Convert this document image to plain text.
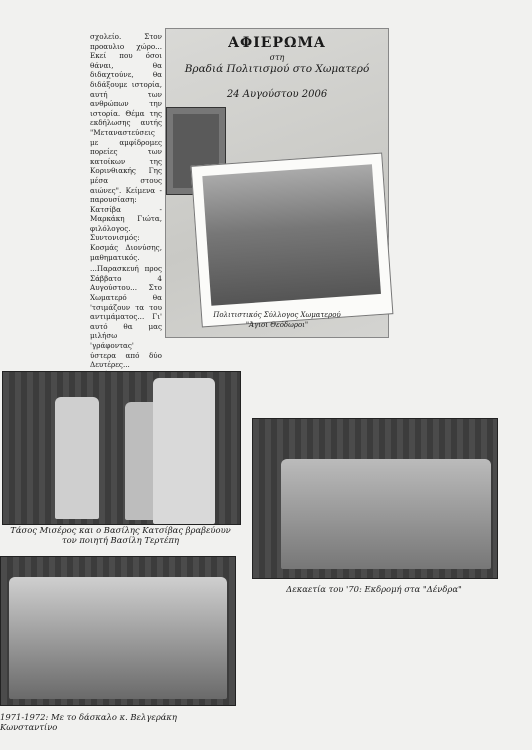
σχολείο. Στον προαυλιο χώρο... Εκεί που όσοι θάναι, θα διδαχτούνε, θα διδάξουμε ιστορία, αυτή των ανθρώπων την ιστορία. Θέμα της εκδήλωσης αυτής "Μεταναστεύσεις με αμφίδρομες πορείες των κατοίκων της Κορινθιακής Γης μέσα στους αιώνες". Κείμενα - παρουσίαση: Κατσίβα - Μαρκάκη Γιώτα, φιλόλογος. Συντονισμός: Κοσμάς Διονύσης, μαθηματικός.

...Παρασκευή προς Σάββατο 4 Αυγούστου... Στο Χωματερό θα 'τσιμάζουν τα του αντιμάματος... Γι' αυτό θα μας μιλήσω 'γράφοντας' ύστερα από δύο Δευτέρες...

ΑΦΙΕΡΩΜΑ
στη
Βραδιά Πολιτισμού στο Χωματερό
24 Αυγούστου 2006
Πολιτιστικός Σύλλογος Χωματερού
"Άγιοι Θεόδωροι"
Τάσος Μισέρος και ο Βασίλης Κατσίβας βραβεύουν τον ποιητή Βασίλη Τερτέπη
Δεκαετία του '70: Εκδρομή στα "Δένδρα"
1971-1972: Με το δάσκαλο κ. Βελγεράκη Κωνσταντίνο
